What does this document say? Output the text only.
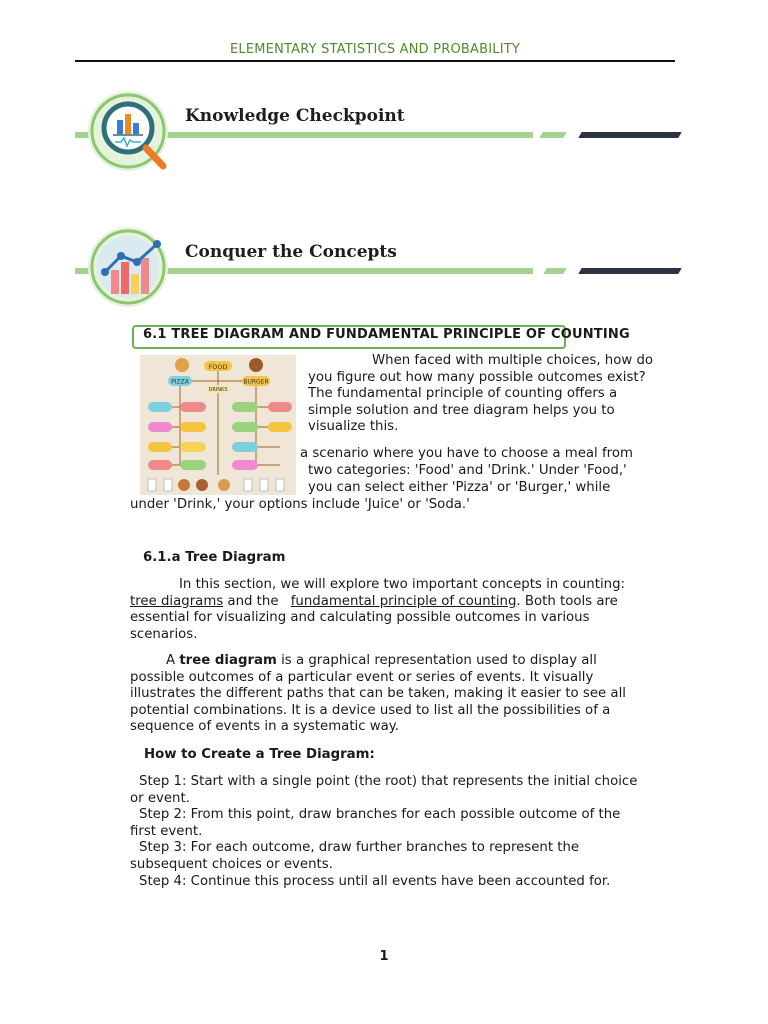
ELEMENTARY STATISTICS AND PROBABILITY
Knowledge Checkpoint
Conquer the Concepts
6.1 TREE DIAGRAM AND FUNDAMENTAL PRINCIPLE OF COUNTING
FOOD
PIZZA	BURGER
DRINKS
When faced with multiple choices, how do
you figure out how many possible outcomes exist?
The fundamental principle of counting offers a
simple solution and tree diagram helps you to
visualize this.
a scenario where you have to choose a meal from
two categories: 'Food' and 'Drink.' Under 'Food,'
you can select either 'Pizza' or 'Burger,' while
under 'Drink,' your options include 'Juice' or 'Soda.'
6.1.a Tree Diagram
In this section, we will explore two important concepts in counting:
tree diagrams and the fundamental principle of counting. Both tools are
essential for visualizing and calculating possible outcomes in various
scenarios.
A tree diagram is a graphical representation used to display all
possible outcomes of a particular event or series of events. It visually
illustrates the different paths that can be taken, making it easier to see all
potential combinations. It is a device used to list all the possibilities of a
sequence of events in a systematic way.
How to Create a Tree Diagram:
Step 1: Start with a single point (the root) that represents the initial choice
or event.
Step 2: From this point, draw branches for each possible outcome of the
first event.
Step 3: For each outcome, draw further branches to represent the
subsequent choices or events.
Step 4: Continue this process until all events have been accounted for.
1
